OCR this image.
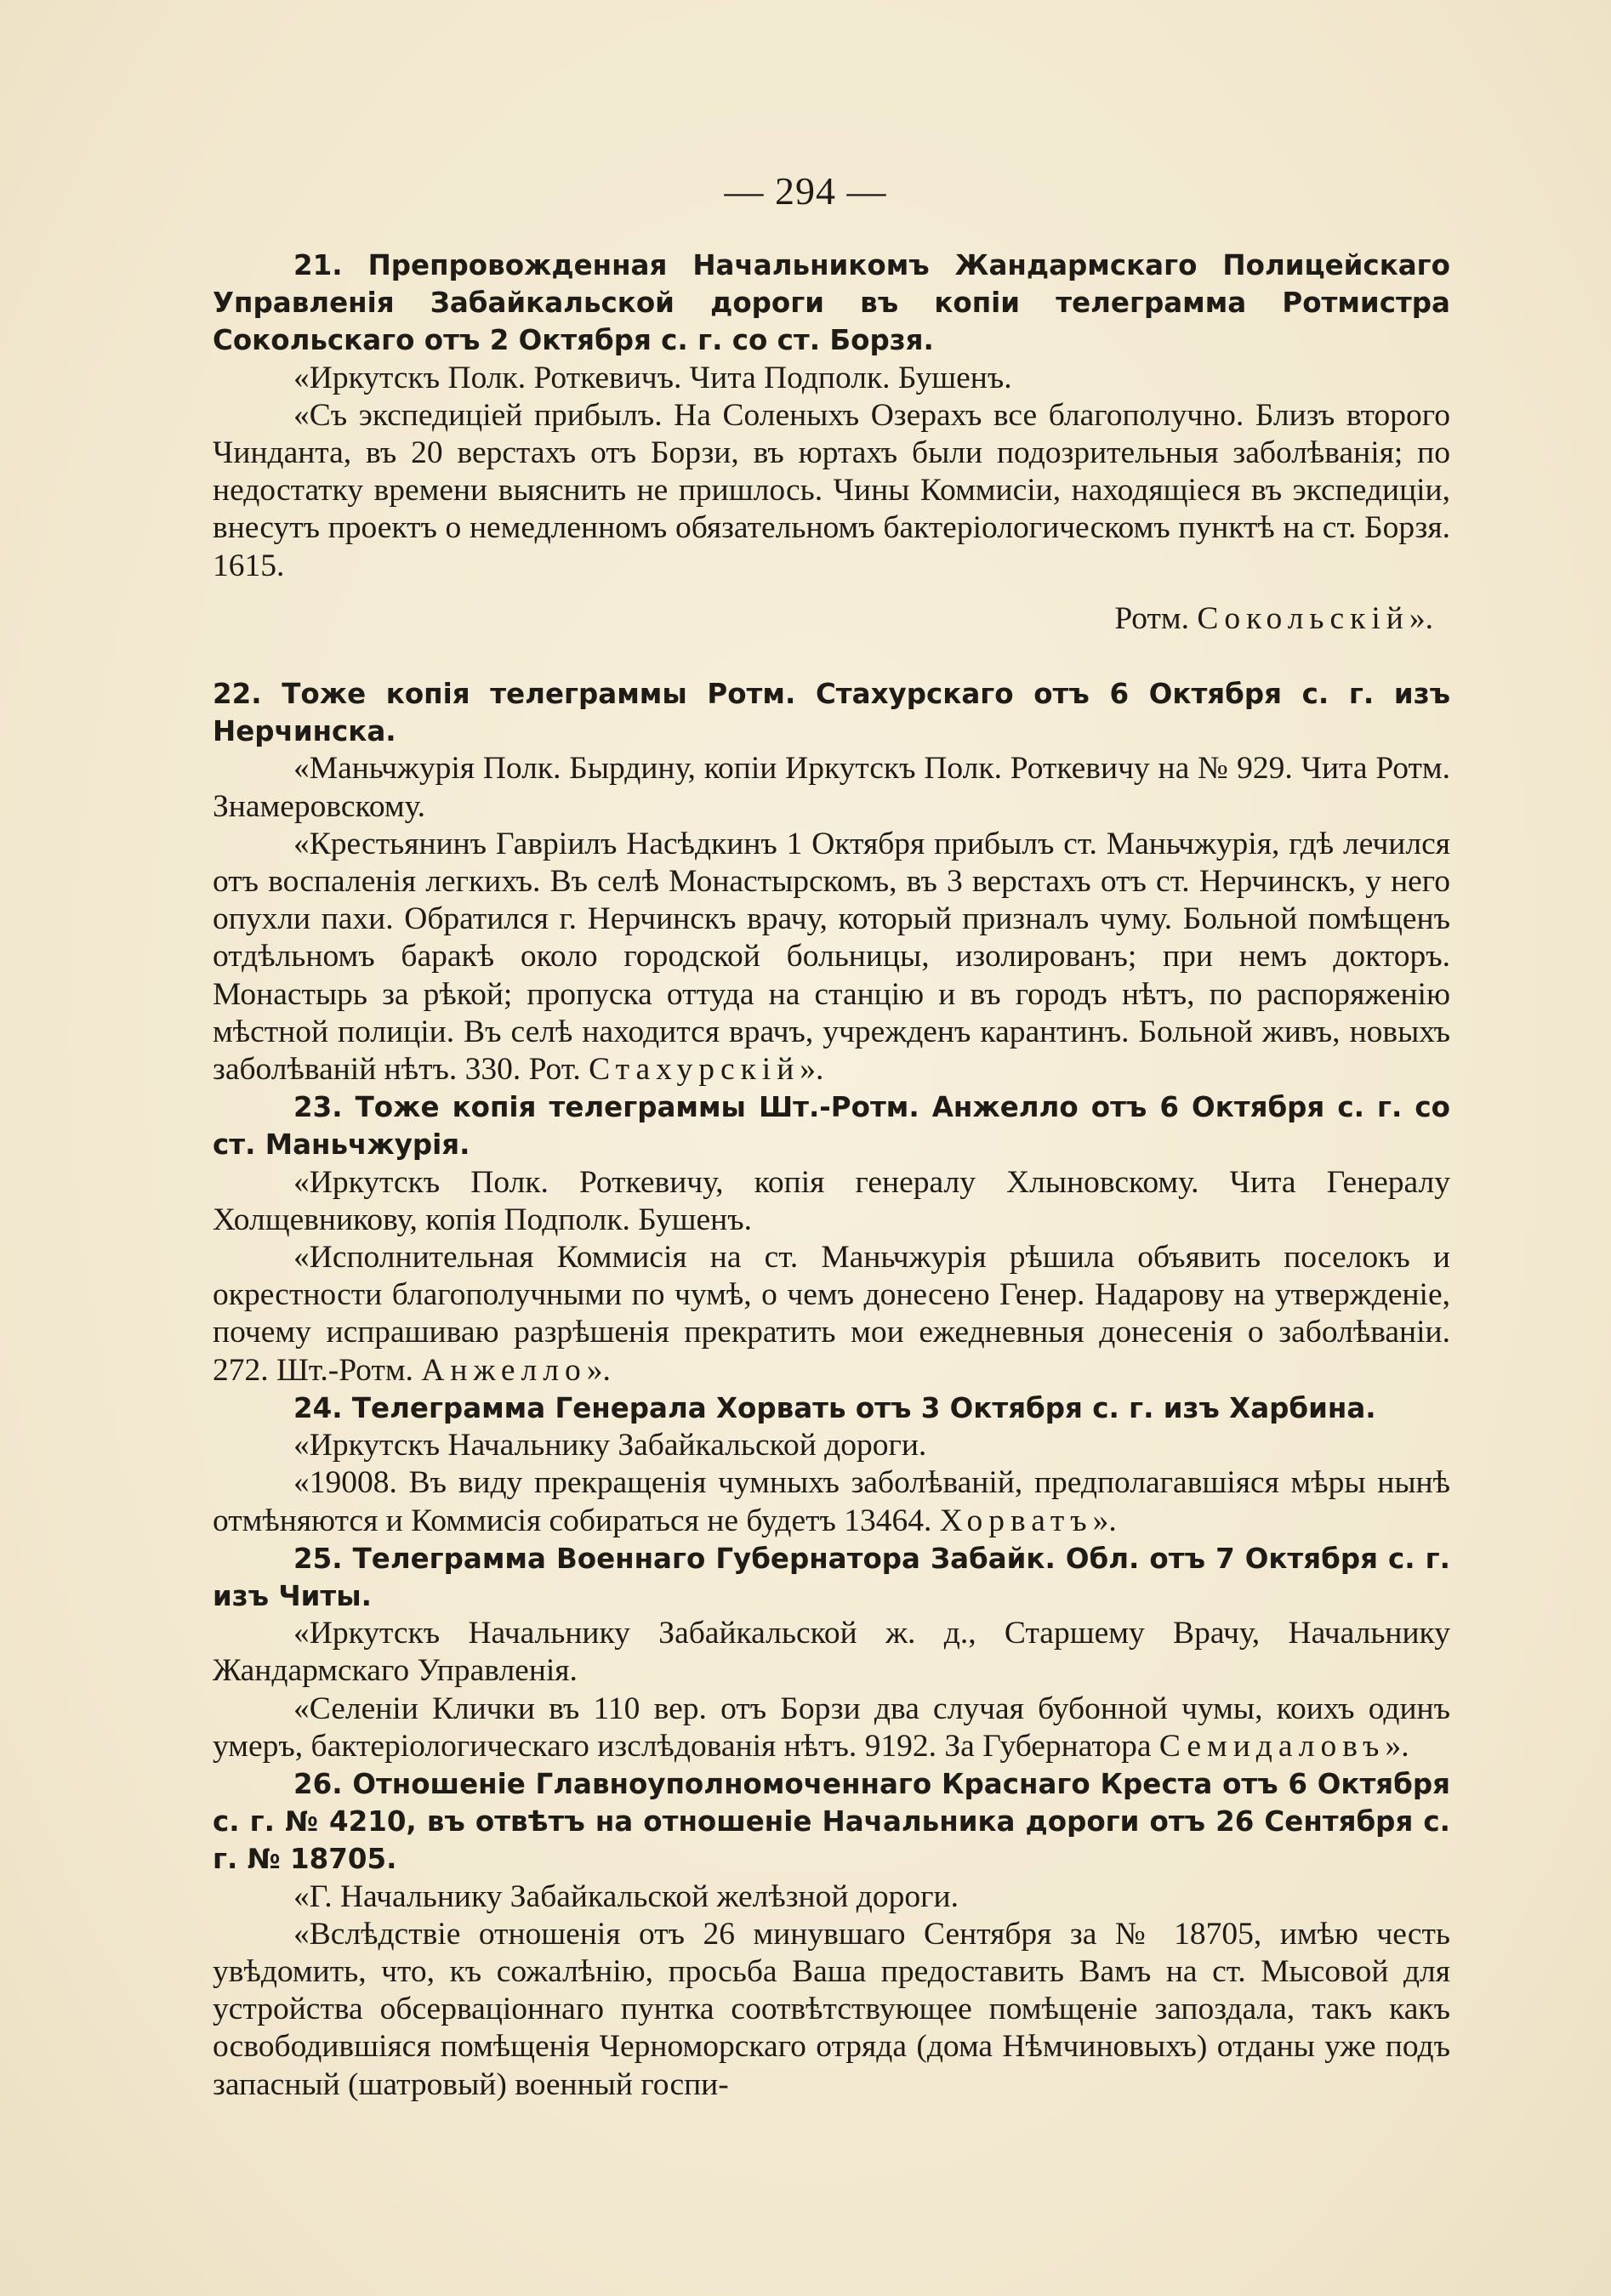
— 294 —

21. Препровожденная Начальникомъ Жандармскаго Полицейскаго Управленія Забайкальской дороги въ копіи телеграмма Ротмистра Сокольскаго отъ 2 Октября с. г. со ст. Борзя.

«Иркутскъ Полк. Роткевичъ. Чита Подполк. Бушенъ.

«Съ экспедиціей прибылъ. На Соленыхъ Озерахъ все благополучно. Близъ второго Чинданта, въ 20 верстахъ отъ Борзи, въ юртахъ были подозрительныя заболѣванія; по недостатку времени выяснить не пришлось. Чины Коммисіи, находящіеся въ экспедиціи, внесутъ проектъ о немедленномъ обязательномъ бактеріологическомъ пунктѣ на ст. Борзя. 1615.

Ротм. Сокольскій».

22. Тоже копія телеграммы Ротм. Стахурскаго отъ 6 Октября с. г. изъ Нерчинска.

«Маньчжурія Полк. Бырдину, копіи Иркутскъ Полк. Роткевичу на № 929. Чита Ротм. Знамеровскому.

«Крестьянинъ Гавріилъ Насѣдкинъ 1 Октября прибылъ ст. Маньчжурія, гдѣ лечился отъ воспаленія легкихъ. Въ селѣ Монастырскомъ, въ 3 верстахъ отъ ст. Нерчинскъ, у него опухли пахи. Обратился г. Нерчинскъ врачу, который призналъ чуму. Больной помѣщенъ отдѣльномъ баракѣ около городской больницы, изолированъ; при немъ докторъ. Монастырь за рѣкой; пропуска оттуда на станцію и въ городъ нѣтъ, по распоряженію мѣстной полиціи. Въ селѣ находится врачъ, учрежденъ карантинъ. Больной живъ, новыхъ заболѣваній нѣтъ. 330. Рот. Стахурскій».

23. Тоже копія телеграммы Шт.-Ротм. Анжелло отъ 6 Октября с. г. со ст. Маньчжурія.

«Иркутскъ Полк. Роткевичу, копія генералу Хлыновскому. Чита Генералу Холщевникову, копія Подполк. Бушенъ.

«Исполнительная Коммисія на ст. Маньчжурія рѣшила объявить поселокъ и окрестности благополучными по чумѣ, о чемъ донесено Генер. Надарову на утвержденіе, почему испрашиваю разрѣшенія прекратить мои ежедневныя донесенія о заболѣваніи. 272. Шт.-Ротм. Анжелло».

24. Телеграмма Генерала Хорвать отъ 3 Октября с. г. изъ Харбина.

«Иркутскъ Начальнику Забайкальской дороги.

«19008. Въ виду прекращенія чумныхъ заболѣваній, предполагавшіяся мѣры нынѣ отмѣняются и Коммисія собираться не будетъ 13464. Хорватъ».

25. Телеграмма Военнаго Губернатора Забайк. Обл. отъ 7 Октября с. г. изъ Читы.

«Иркутскъ Начальнику Забайкальской ж. д., Старшему Врачу, Начальнику Жандармскаго Управленія.

«Селеніи Клички въ 110 вер. отъ Борзи два случая бубонной чумы, коихъ одинъ умеръ, бактеріологическаго изслѣдованія нѣтъ. 9192. За Губернатора Семидаловъ».

26. Отношеніе Главноуполномоченнаго Краснаго Креста отъ 6 Октября с. г. № 4210, въ отвѣтъ на отношеніе Начальника дороги отъ 26 Сентября с. г. № 18705.

«Г. Начальнику Забайкальской желѣзной дороги.

«Вслѣдствіе отношенія отъ 26 минувшаго Сентября за № 18705, имѣю честь увѣдомить, что, къ сожалѣнію, просьба Ваша предоставить Вамъ на ст. Мысовой для устройства обсерваціоннаго пунтка соотвѣтствующее помѣщеніе запоздала, такъ какъ освободившіяся помѣщенія Черноморскаго отряда (дома Нѣмчиновыхъ) отданы уже подъ запасный (шатровый) военный госпи-
